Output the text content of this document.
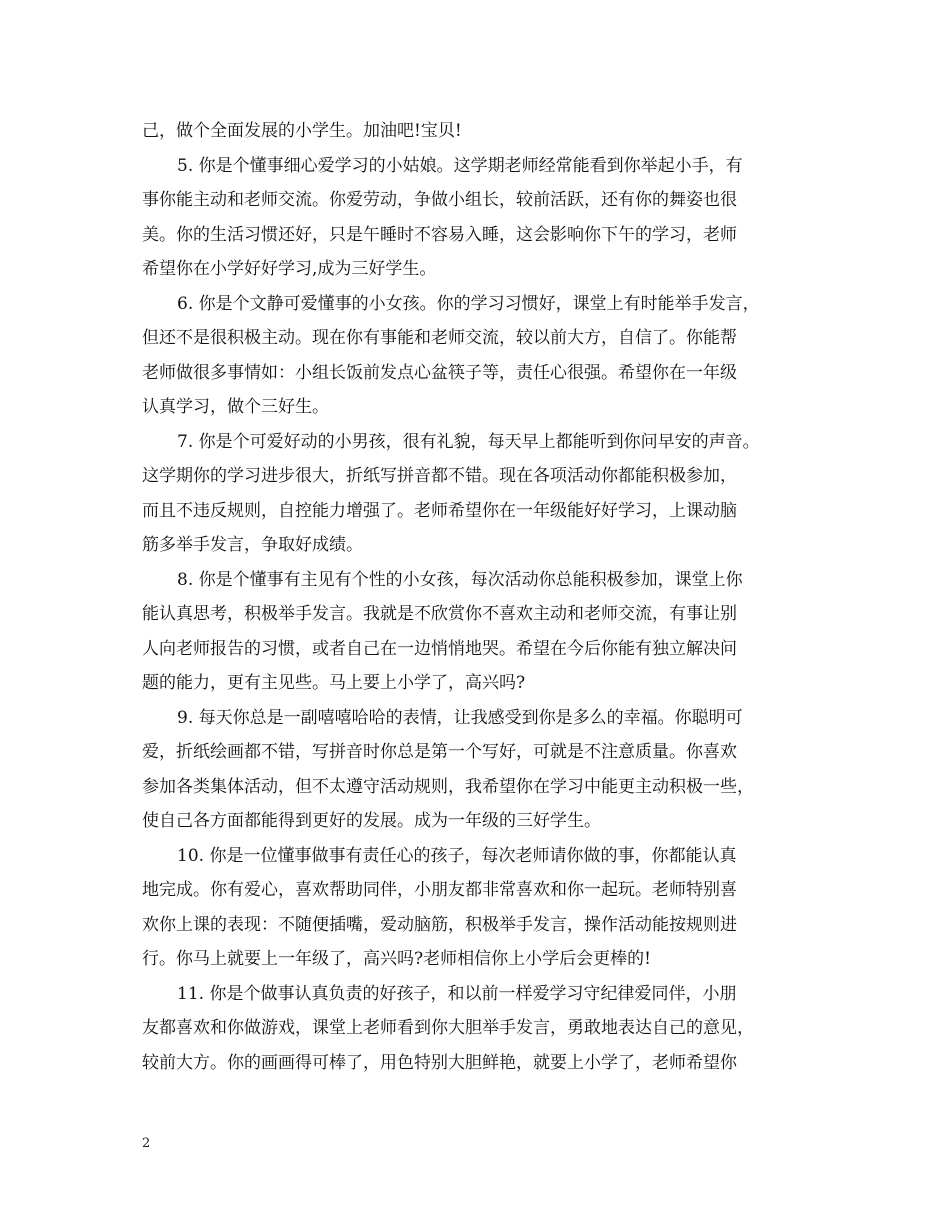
己，做个全面发展的小学生。加油吧!宝贝!
5. 你是个懂事细心爱学习的小姑娘。这学期老师经常能看到你举起小手，有
事你能主动和老师交流。你爱劳动，争做小组长，较前活跃，还有你的舞姿也很
美。你的生活习惯还好，只是午睡时不容易入睡，这会影响你下午的学习，老师
希望你在小学好好学习,成为三好学生。
6. 你是个文静可爱懂事的小女孩。你的学习习惯好，课堂上有时能举手发言，
但还不是很积极主动。现在你有事能和老师交流，较以前大方，自信了。你能帮
老师做很多事情如：小组长饭前发点心盆筷子等，责任心很强。希望你在一年级
认真学习，做个三好生。
7. 你是个可爱好动的小男孩，很有礼貌，每天早上都能听到你问早安的声音。
这学期你的学习进步很大，折纸写拼音都不错。现在各项活动你都能积极参加，
而且不违反规则，自控能力增强了。老师希望你在一年级能好好学习，上课动脑
筋多举手发言，争取好成绩。
8. 你是个懂事有主见有个性的小女孩，每次活动你总能积极参加，课堂上你
能认真思考，积极举手发言。我就是不欣赏你不喜欢主动和老师交流，有事让别
人向老师报告的习惯，或者自己在一边悄悄地哭。希望在今后你能有独立解决问
题的能力，更有主见些。马上要上小学了，高兴吗?
9. 每天你总是一副嘻嘻哈哈的表情，让我感受到你是多么的幸福。你聪明可
爱，折纸绘画都不错，写拼音时你总是第一个写好，可就是不注意质量。你喜欢
参加各类集体活动，但不太遵守活动规则，我希望你在学习中能更主动积极一些，
使自己各方面都能得到更好的发展。成为一年级的三好学生。
10. 你是一位懂事做事有责任心的孩子，每次老师请你做的事，你都能认真
地完成。你有爱心，喜欢帮助同伴，小朋友都非常喜欢和你一起玩。老师特别喜
欢你上课的表现：不随便插嘴，爱动脑筋，积极举手发言，操作活动能按规则进
行。你马上就要上一年级了，高兴吗?老师相信你上小学后会更棒的!
11. 你是个做事认真负责的好孩子，和以前一样爱学习守纪律爱同伴，小朋
友都喜欢和你做游戏，课堂上老师看到你大胆举手发言，勇敢地表达自己的意见，
较前大方。你的画画得可棒了，用色特别大胆鲜艳，就要上小学了，老师希望你
2
